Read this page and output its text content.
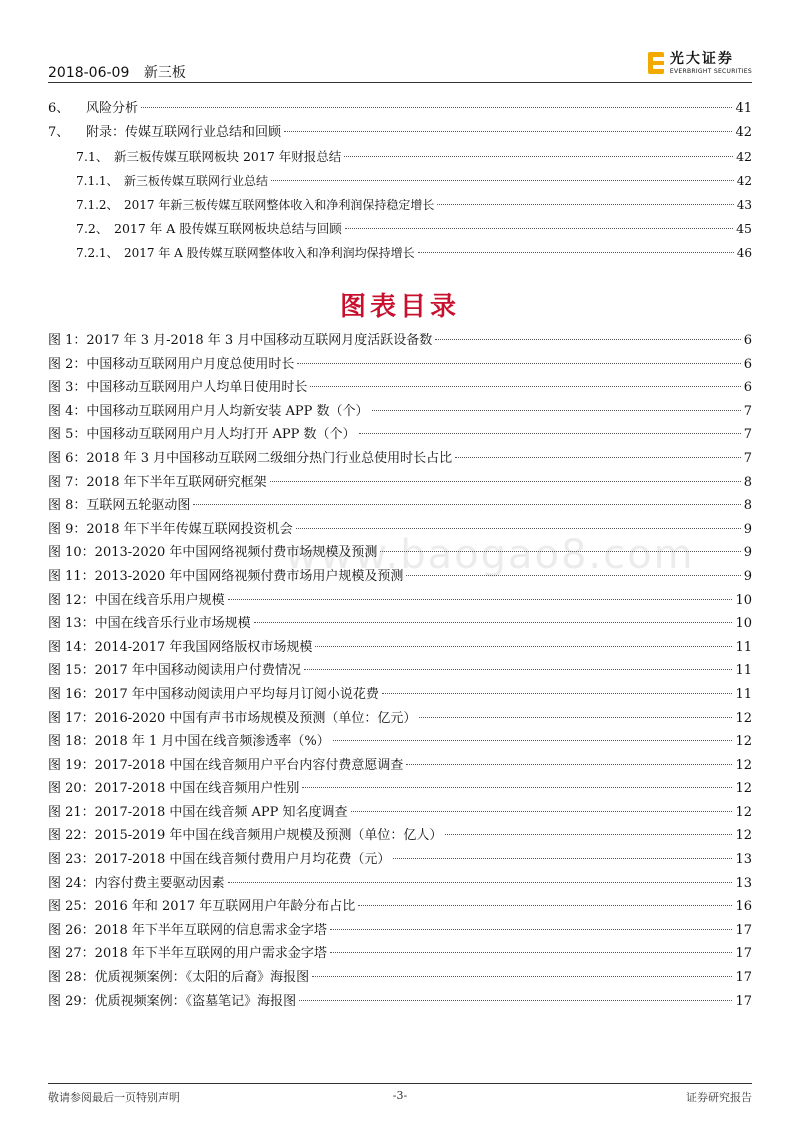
2018-06-09 新三板
光大证券
EVERBRIGHT SECURITIES
6、 风险分析	41
7、 附录：传媒互联网行业总结和回顾	42
7.1、 新三板传媒互联网板块 2017 年财报总结	42
7.1.1、 新三板传媒互联网行业总结	42
7.1.2、 2017 年新三板传媒互联网整体收入和净利润保持稳定增长	43
7.2、 2017 年 A 股传媒互联网板块总结与回顾	45
7.2.1、 2017 年 A 股传媒互联网整体收入和净利润均保持增长	46
图表目录
www.baogao8.com
图 1：2017 年 3 月-2018 年 3 月中国移动互联网月度活跃设备数	6
图 2：中国移动互联网用户月度总使用时长	6
图 3：中国移动互联网用户人均单日使用时长	6
图 4：中国移动互联网用户月人均新安装 APP 数（个）	7
图 5：中国移动互联网用户月人均打开 APP 数（个）	7
图 6：2018 年 3 月中国移动互联网二级细分热门行业总使用时长占比	7
图 7：2018 年下半年互联网研究框架	8
图 8：互联网五轮驱动图	8
图 9：2018 年下半年传媒互联网投资机会	9
图 10：2013-2020 年中国网络视频付费市场规模及预测	9
图 11：2013-2020 年中国网络视频付费市场用户规模及预测	9
图 12：中国在线音乐用户规模	10
图 13：中国在线音乐行业市场规模	10
图 14：2014-2017 年我国网络版权市场规模	11
图 15：2017 年中国移动阅读用户付费情况	11
图 16：2017 年中国移动阅读用户平均每月订阅小说花费	11
图 17：2016-2020 中国有声书市场规模及预测（单位：亿元）	12
图 18：2018 年 1 月中国在线音频渗透率（%）	12
图 19：2017-2018 中国在线音频用户平台内容付费意愿调查	12
图 20：2017-2018 中国在线音频用户性别	12
图 21：2017-2018 中国在线音频 APP 知名度调查	12
图 22：2015-2019 年中国在线音频用户规模及预测（单位：亿人）	12
图 23：2017-2018 中国在线音频付费用户月均花费（元）	13
图 24：内容付费主要驱动因素	13
图 25：2016 年和 2017 年互联网用户年龄分布占比	16
图 26：2018 年下半年互联网的信息需求金字塔	17
图 27：2018 年下半年互联网的用户需求金字塔	17
图 28：优质视频案例：《太阳的后裔》海报图	17
图 29：优质视频案例：《盗墓笔记》海报图	17
敬请参阅最后一页特别声明	-3-	证券研究报告
